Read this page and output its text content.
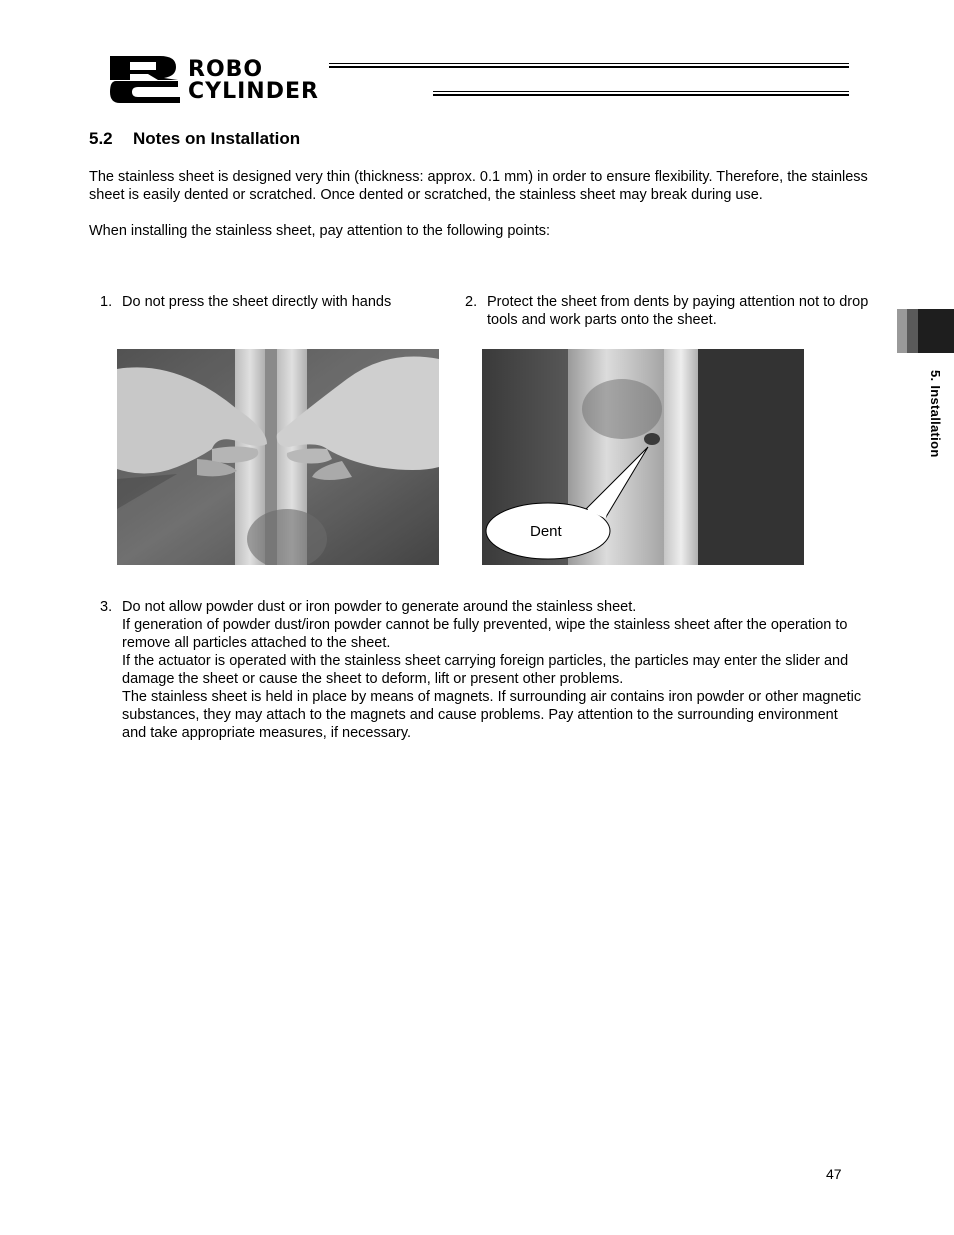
ROBO
CYLINDER
5. Installation
5.2 Notes on Installation
The stainless sheet is designed very thin (thickness: approx. 0.1 mm) in order to ensure flexibility. Therefore, the stainless sheet is easily dented or scratched. Once dented or scratched, the stainless sheet may break during use.
When installing the stainless sheet, pay attention to the following points:
1. Do not press the sheet directly with hands	2. Protect the sheet from dents by paying attention not to drop tools and work parts onto the sheet.
Dent
3. Do not allow powder dust or iron powder to generate around the stainless sheet.
If generation of powder dust/iron powder cannot be fully prevented, wipe the stainless sheet after the operation to remove all particles attached to the sheet.
If the actuator is operated with the stainless sheet carrying foreign particles, the particles may enter the slider and damage the sheet or cause the sheet to deform, lift or present other problems.
The stainless sheet is held in place by means of magnets. If surrounding air contains iron powder or other magnetic substances, they may attach to the magnets and cause problems. Pay attention to the surrounding environment and take appropriate measures, if necessary.
47
